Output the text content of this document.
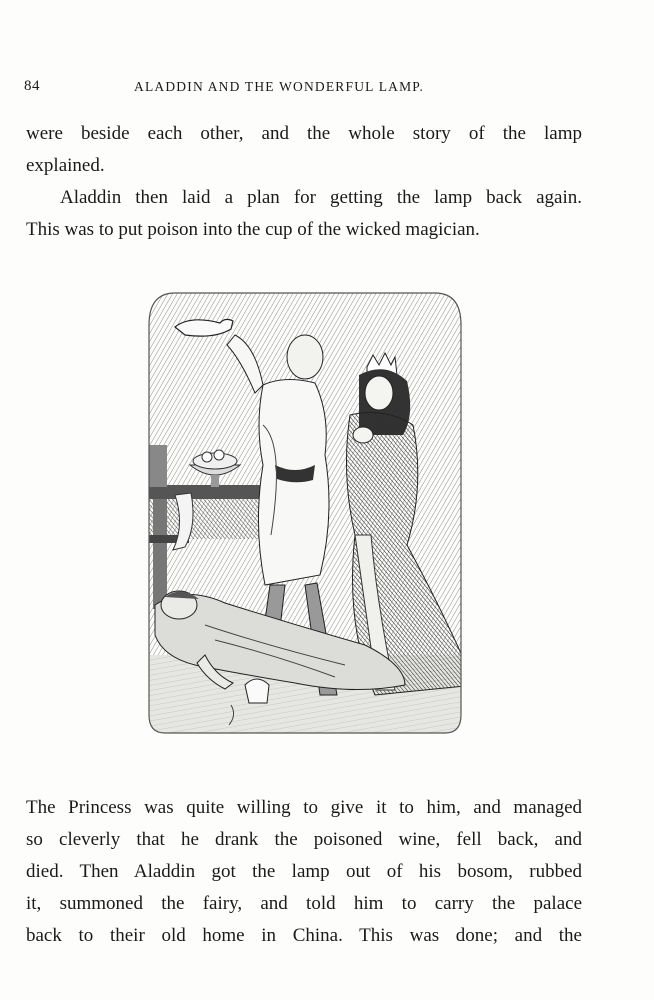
84	ALADDIN AND THE WONDERFUL LAMP.

were beside each other, and the whole story of the lamp
explained.

Aladdin then laid a plan for getting the lamp back again.
This was to put poison into the cup of the wicked magician.

The Princess was quite willing to give it to him, and managed
so cleverly that he drank the poisoned wine, fell back, and
died. Then Aladdin got the lamp out of his bosom, rubbed
it, summoned the fairy, and told him to carry the palace
back to their old home in China. This was done; and the
